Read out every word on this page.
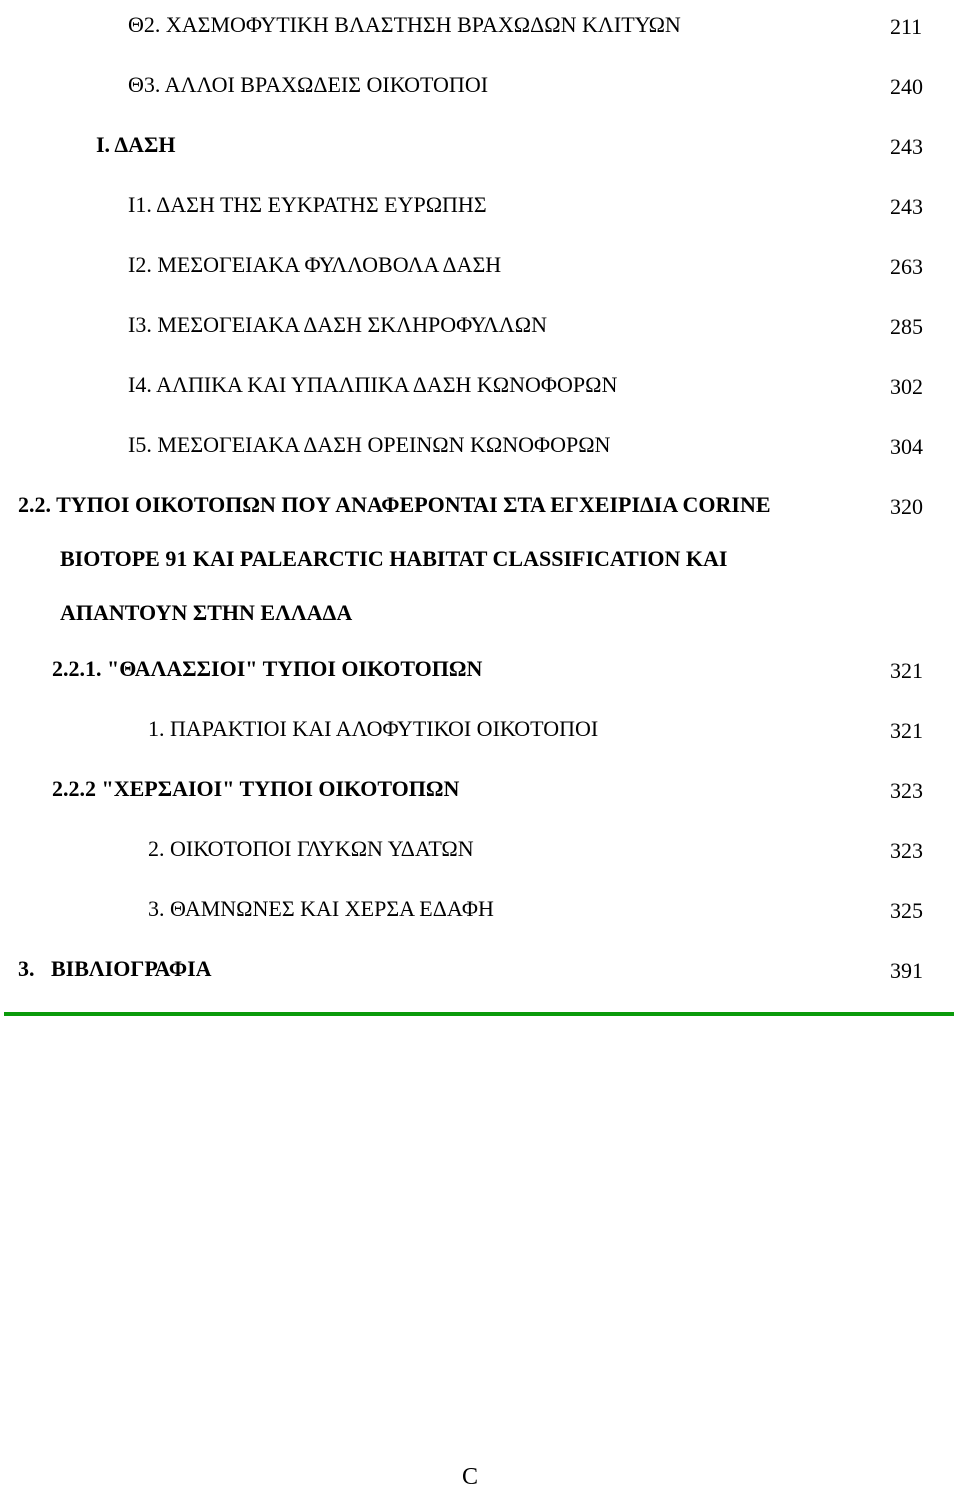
Θ2. ΧΑΣΜΟΦΥΤΙΚΗ ΒΛΑΣΤΗΣΗ ΒΡΑΧΩΔΩΝ ΚΛΙΤΥΩΝ	211
Θ3. ΑΛΛΟΙ ΒΡΑΧΩΔΕΙΣ ΟΙΚΟΤΟΠΟΙ	240
Ι. ΔΑΣΗ	243
Ι1. ΔΑΣΗ ΤΗΣ ΕΥΚΡΑΤΗΣ ΕΥΡΩΠΗΣ	243
Ι2. ΜΕΣΟΓΕΙΑΚΑ ΦΥΛΛΟΒΟΛΑ ΔΑΣΗ	263
Ι3. ΜΕΣΟΓΕΙΑΚΑ ΔΑΣΗ ΣΚΛΗΡΟΦΥΛΛΩΝ	285
Ι4. ΑΛΠΙΚΑ ΚΑΙ ΥΠΑΛΠΙΚΑ ΔΑΣΗ ΚΩΝΟΦΟΡΩΝ	302
Ι5. ΜΕΣΟΓΕΙΑΚΑ ΔΑΣΗ ΟΡΕΙΝΩΝ ΚΩΝΟΦΟΡΩΝ	304
2.2. ΤΥΠΟΙ ΟΙΚΟΤΟΠΩΝ ΠΟΥ ΑΝΑΦΕΡΟΝΤΑΙ ΣΤΑ ΕΓΧΕΙΡΙΔΙΑ CORINE	320
ΒΙΟΤΟΡΕ 91 ΚΑΙ PALEARCTIC HABITAT CLASSIFICATION ΚΑΙ
ΑΠΑΝΤΟΥΝ ΣΤΗΝ ΕΛΛΑΔΑ
2.2.1. "ΘΑΛΑΣΣΙΟΙ" ΤΥΠΟΙ ΟΙΚΟΤΟΠΩΝ	321
1. ΠΑΡΑΚΤΙΟΙ ΚΑΙ ΑΛΟΦΥΤΙΚΟΙ ΟΙΚΟΤΟΠΟΙ	321
2.2.2 "ΧΕΡΣΑΙΟΙ" ΤΥΠΟΙ ΟΙΚΟΤΟΠΩΝ	323
2. ΟΙΚΟΤΟΠΟΙ ΓΛΥΚΩΝ ΥΔΑΤΩΝ	323
3. ΘΑΜΝΩΝΕΣ ΚΑΙ ΧΕΡΣΑ ΕΔΑΦΗ	325
3.   ΒΙΒΛΙΟΓΡΑΦΙΑ	391
C
